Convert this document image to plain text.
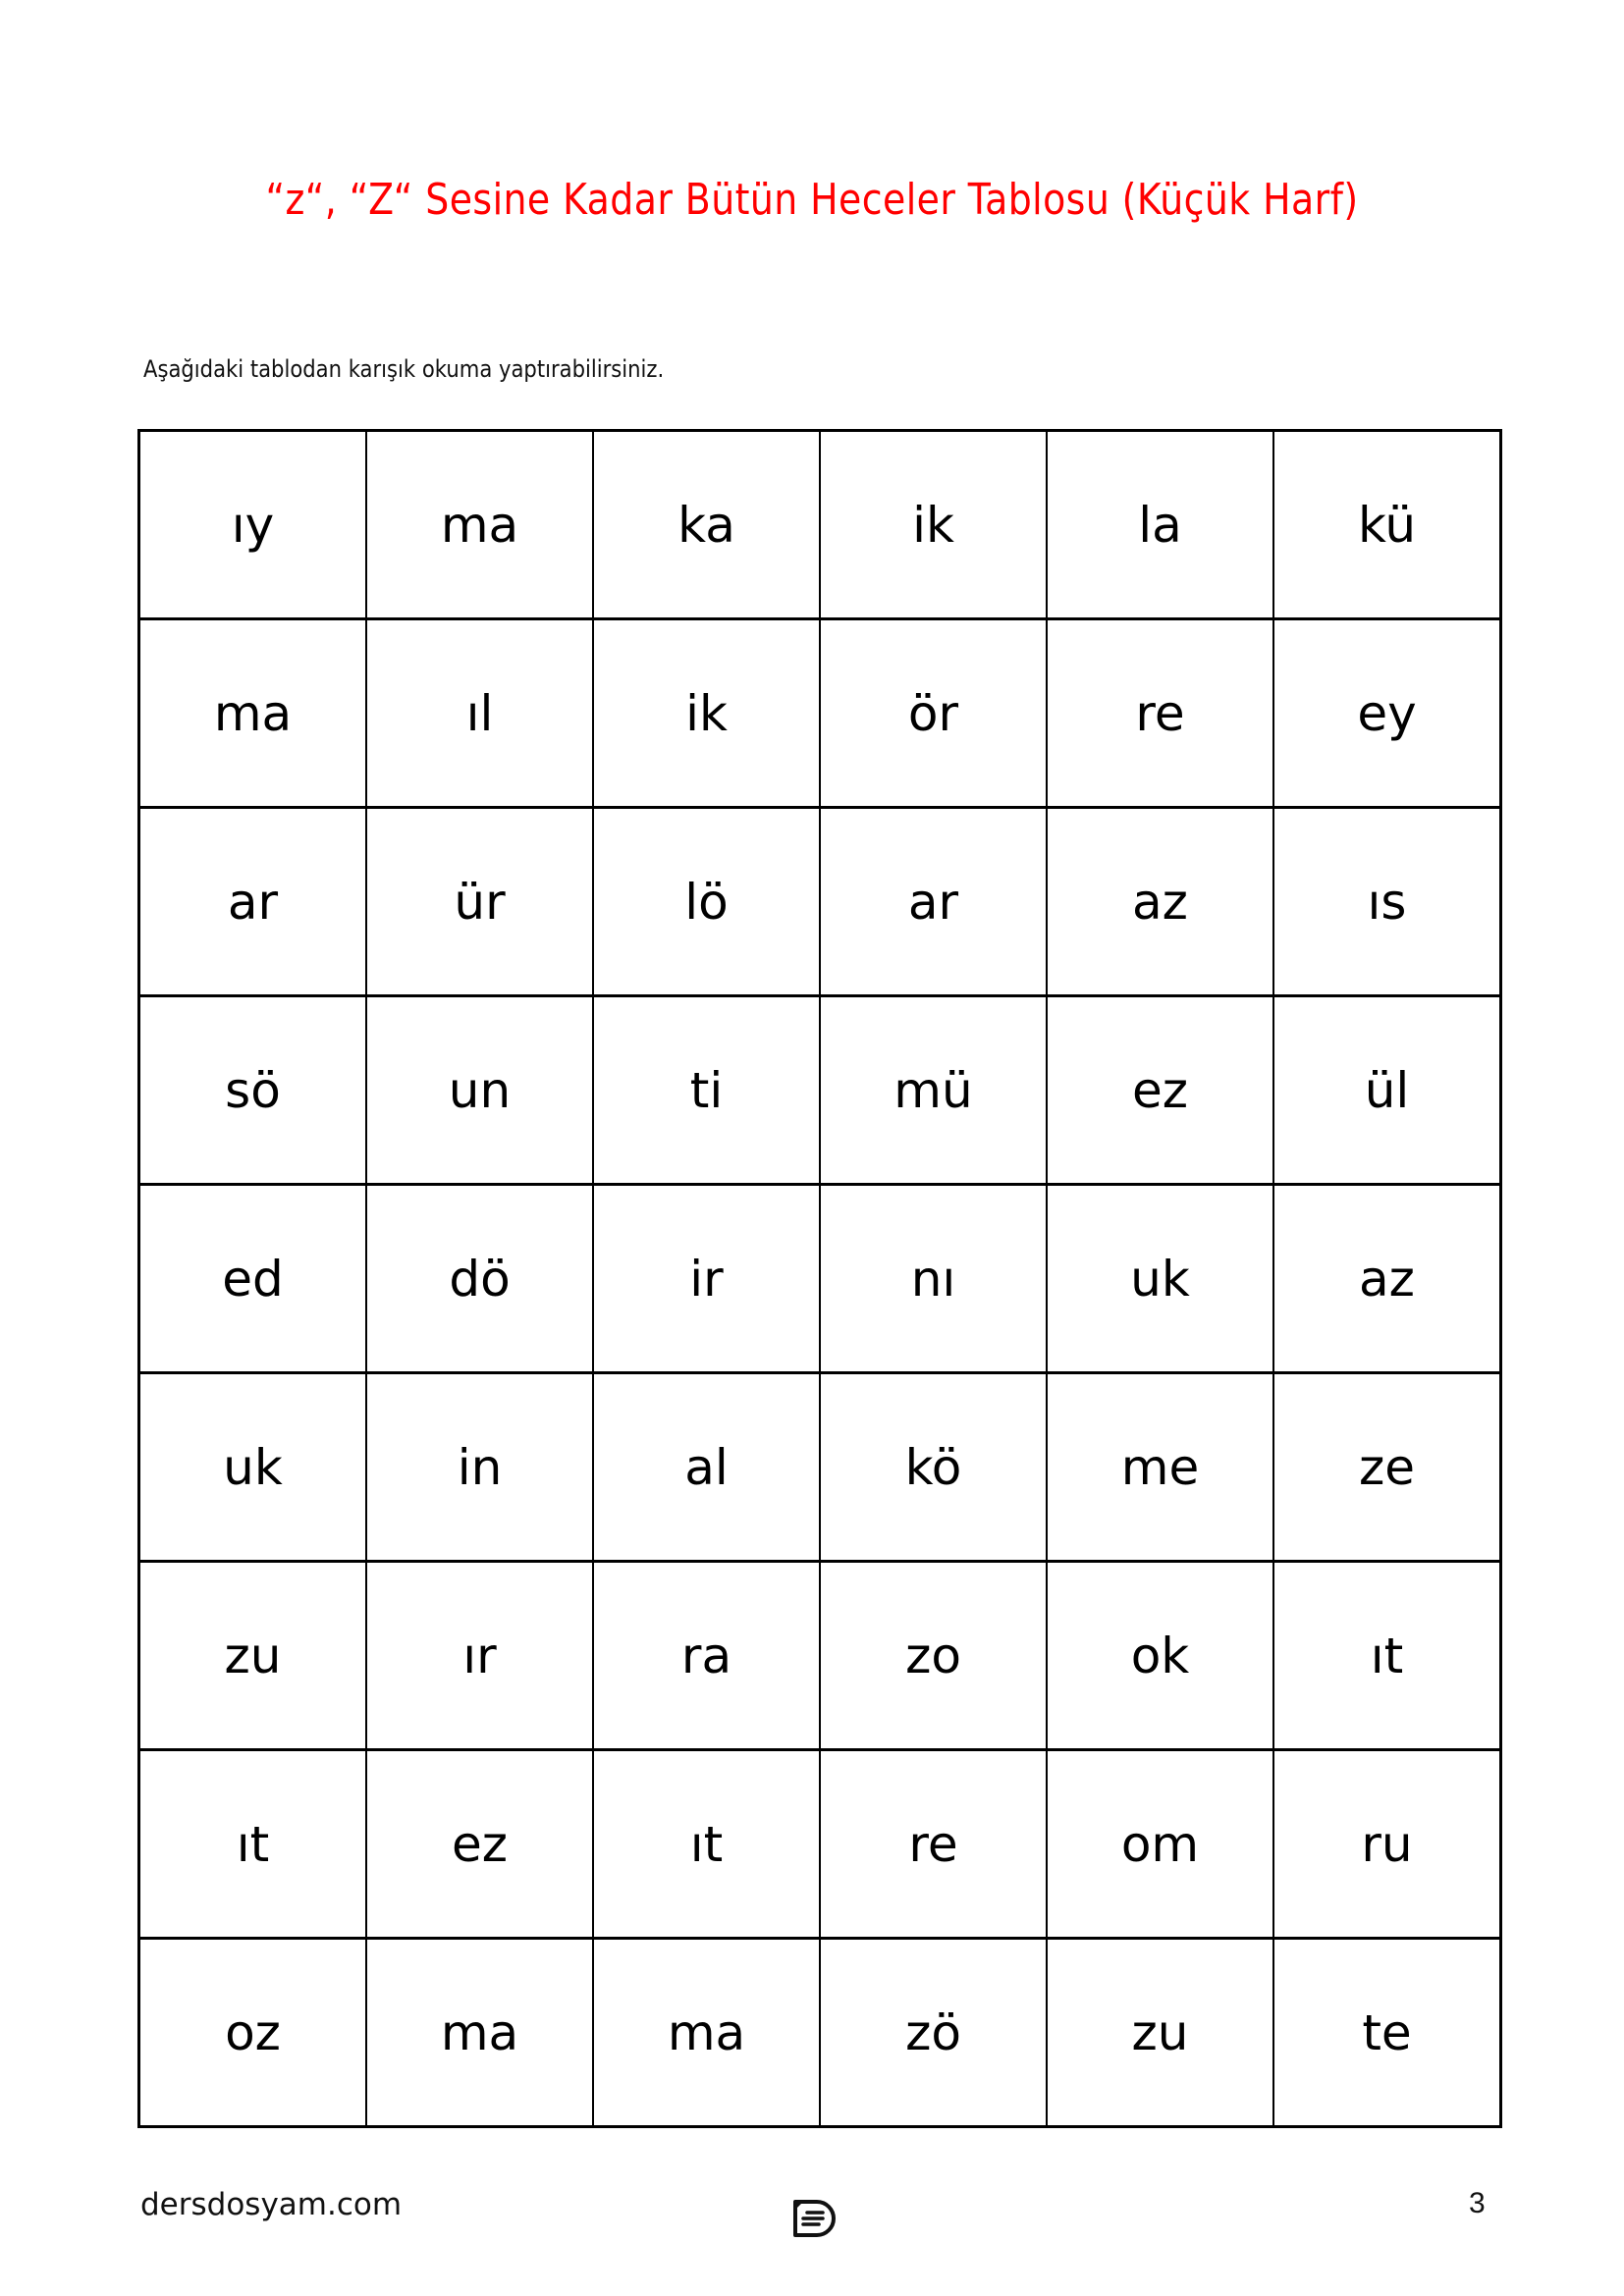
“z“, “Z“ Sesine Kadar Bütün Heceler Tablosu (Küçük Harf)
Aşağıdaki tablodan karışık okuma yaptırabilirsiniz.
ıy	ma	ka	ik	la	kü
ma	ıl	ik	ör	re	ey
ar	ür	lö	ar	az	ıs
sö	un	ti	mü	ez	ül
ed	dö	ir	nı	uk	az
uk	in	al	kö	me	ze
zu	ır	ra	zo	ok	ıt
ıt	ez	ıt	re	om	ru
oz	ma	ma	zö	zu	te
dersdosyam.com	3
